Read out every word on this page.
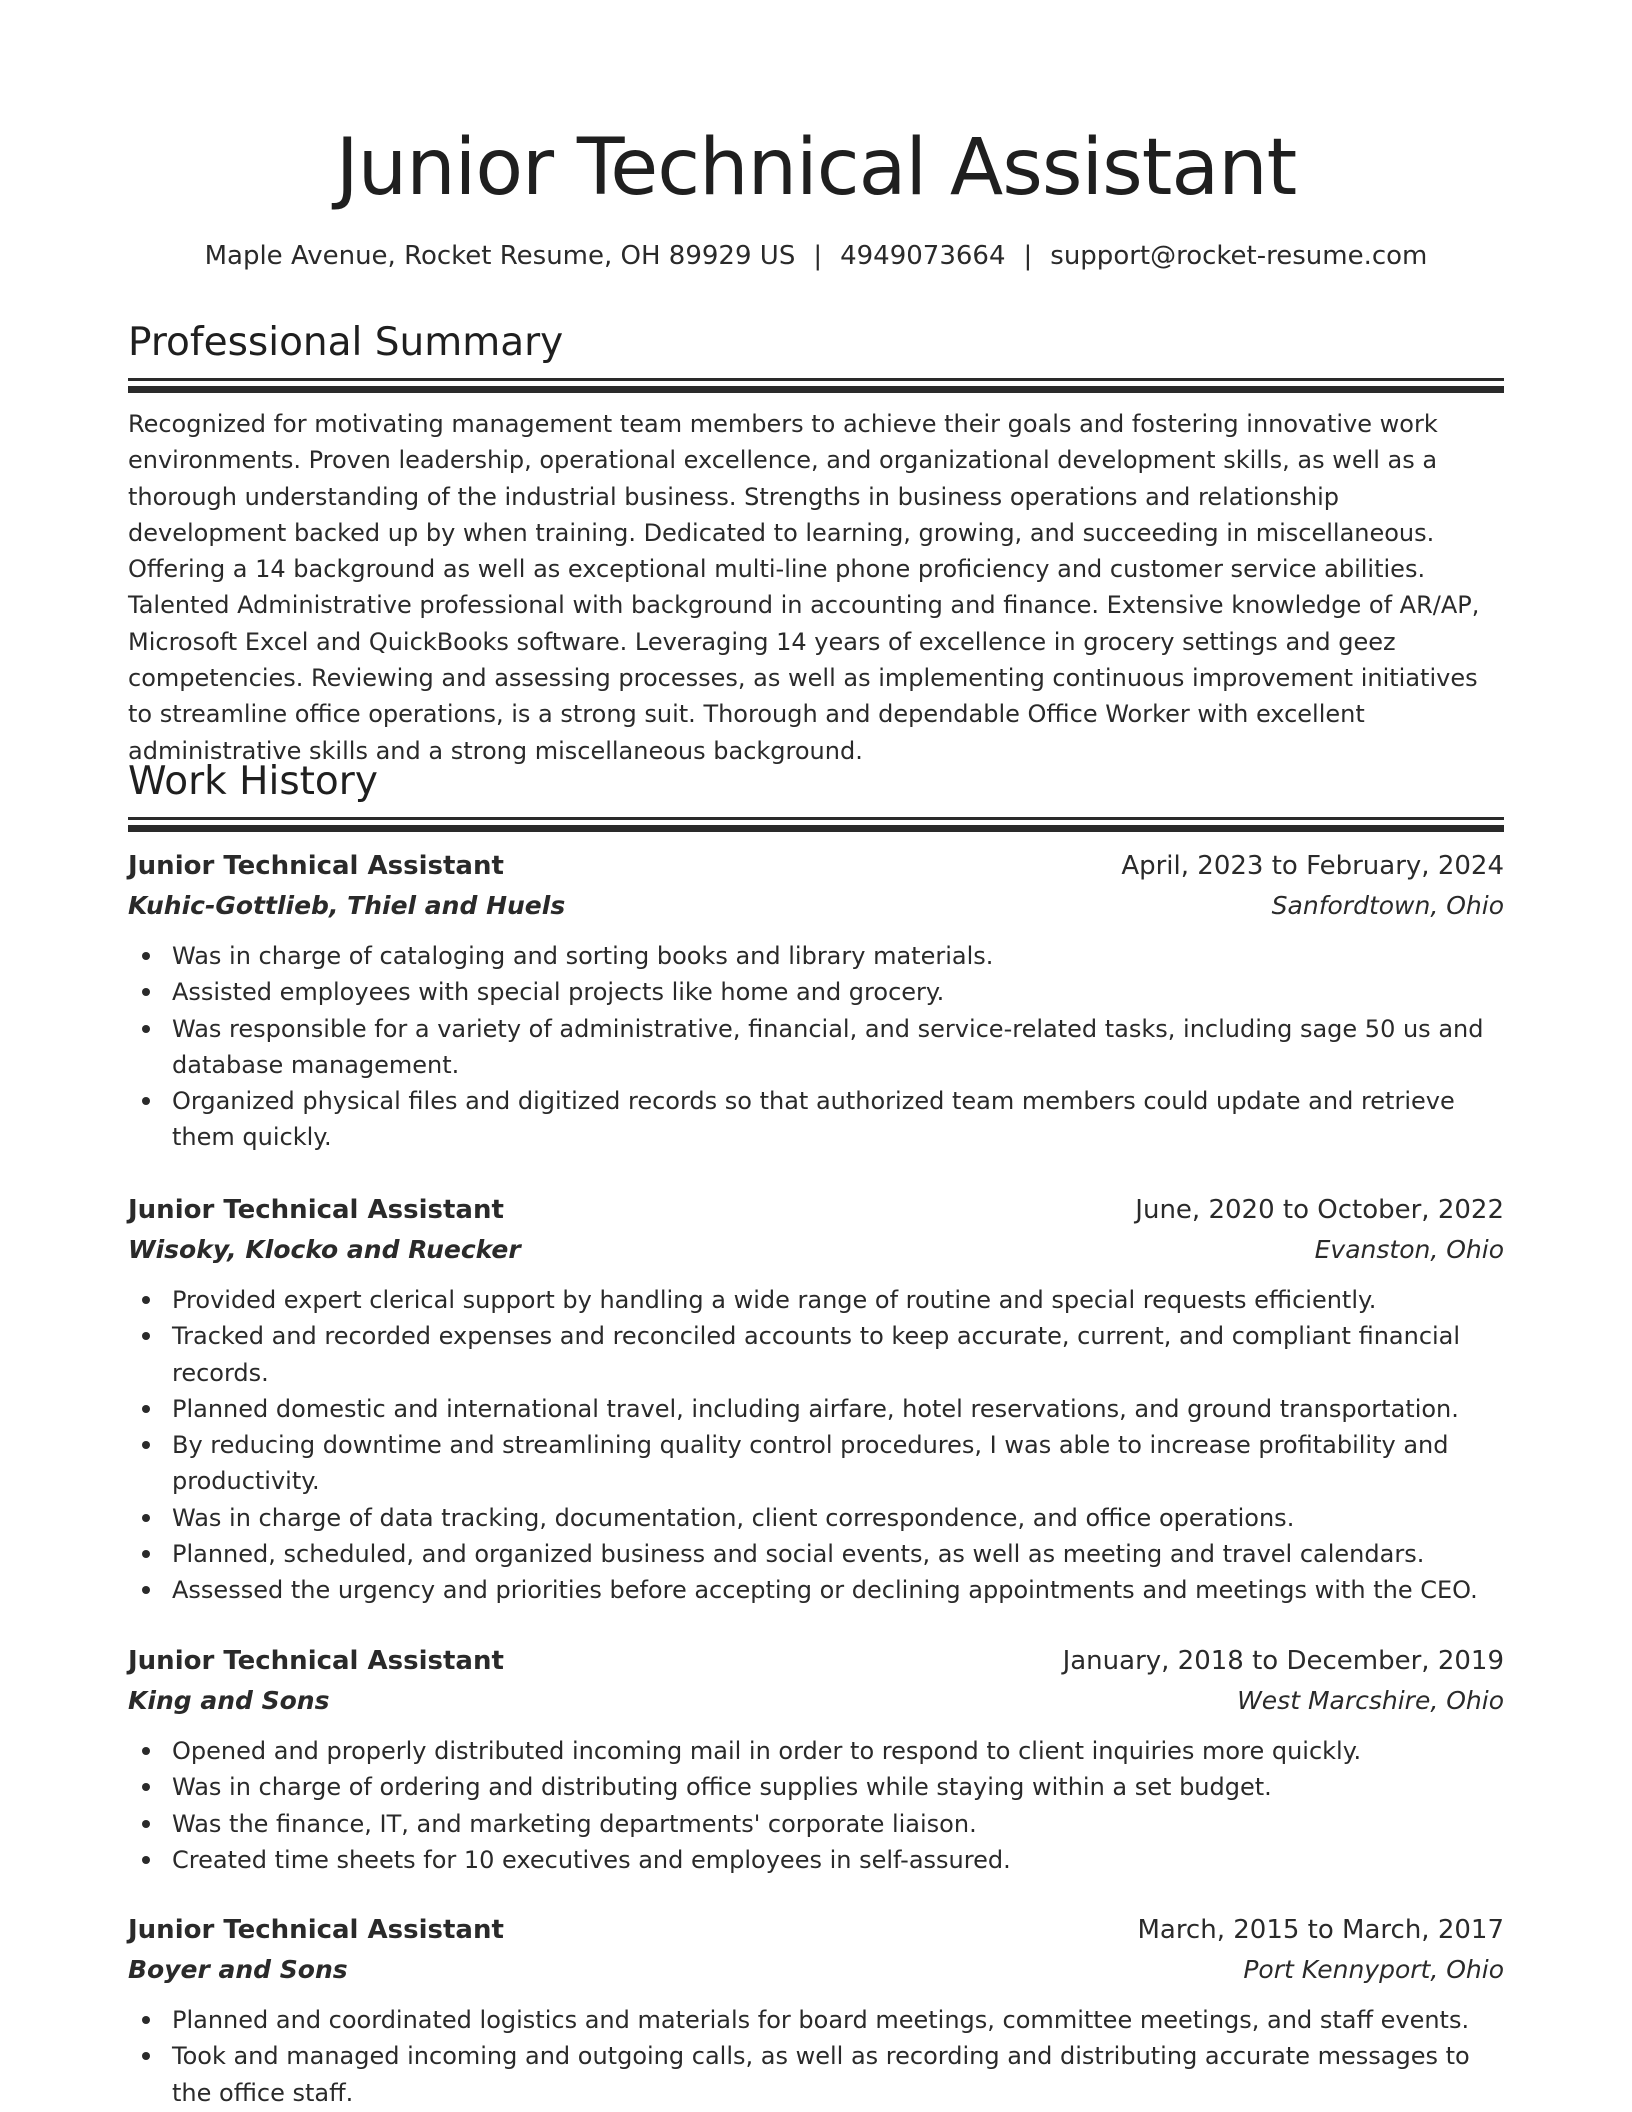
Junior Technical Assistant
Maple Avenue, Rocket Resume, OH 89929 US | 4949073664 | support@rocket-resume.com
Professional Summary

Recognized for motivating management team members to achieve their goals and fostering innovative work environments. Proven leadership, operational excellence, and organizational development skills, as well as a thorough understanding of the industrial business. Strengths in business operations and relationship development backed up by when training. Dedicated to learning, growing, and succeeding in miscellaneous. Offering a 14 background as well as exceptional multi-line phone proficiency and customer service abilities. Talented Administrative professional with background in accounting and finance. Extensive knowledge of AR/AP, Microsoft Excel and QuickBooks software. Leveraging 14 years of excellence in grocery settings and geez competencies. Reviewing and assessing processes, as well as implementing continuous improvement initiatives to streamline office operations, is a strong suit. Thorough and dependable Office Worker with excellent administrative skills and a strong miscellaneous background.

Work History
Junior Technical Assistant	April, 2023 to February, 2024
Kuhic-Gottlieb, Thiel and Huels	Sanfordtown, Ohio
Was in charge of cataloging and sorting books and library materials.
Assisted employees with special projects like home and grocery.
Was responsible for a variety of administrative, financial, and service-related tasks, including sage 50 us and database management.
Organized physical files and digitized records so that authorized team members could update and retrieve them quickly.
Junior Technical Assistant	June, 2020 to October, 2022
Wisoky, Klocko and Ruecker	Evanston, Ohio
Provided expert clerical support by handling a wide range of routine and special requests efficiently.
Tracked and recorded expenses and reconciled accounts to keep accurate, current, and compliant financial records.
Planned domestic and international travel, including airfare, hotel reservations, and ground transportation.
By reducing downtime and streamlining quality control procedures, I was able to increase profitability and productivity.
Was in charge of data tracking, documentation, client correspondence, and office operations.
Planned, scheduled, and organized business and social events, as well as meeting and travel calendars.
Assessed the urgency and priorities before accepting or declining appointments and meetings with the CEO.
Junior Technical Assistant	January, 2018 to December, 2019
King and Sons	West Marcshire, Ohio
Opened and properly distributed incoming mail in order to respond to client inquiries more quickly.
Was in charge of ordering and distributing office supplies while staying within a set budget.
Was the finance, IT, and marketing departments' corporate liaison.
Created time sheets for 10 executives and employees in self-assured.
Junior Technical Assistant	March, 2015 to March, 2017
Boyer and Sons	Port Kennyport, Ohio
Planned and coordinated logistics and materials for board meetings, committee meetings, and staff events.
Took and managed incoming and outgoing calls, as well as recording and distributing accurate messages to the office staff.
